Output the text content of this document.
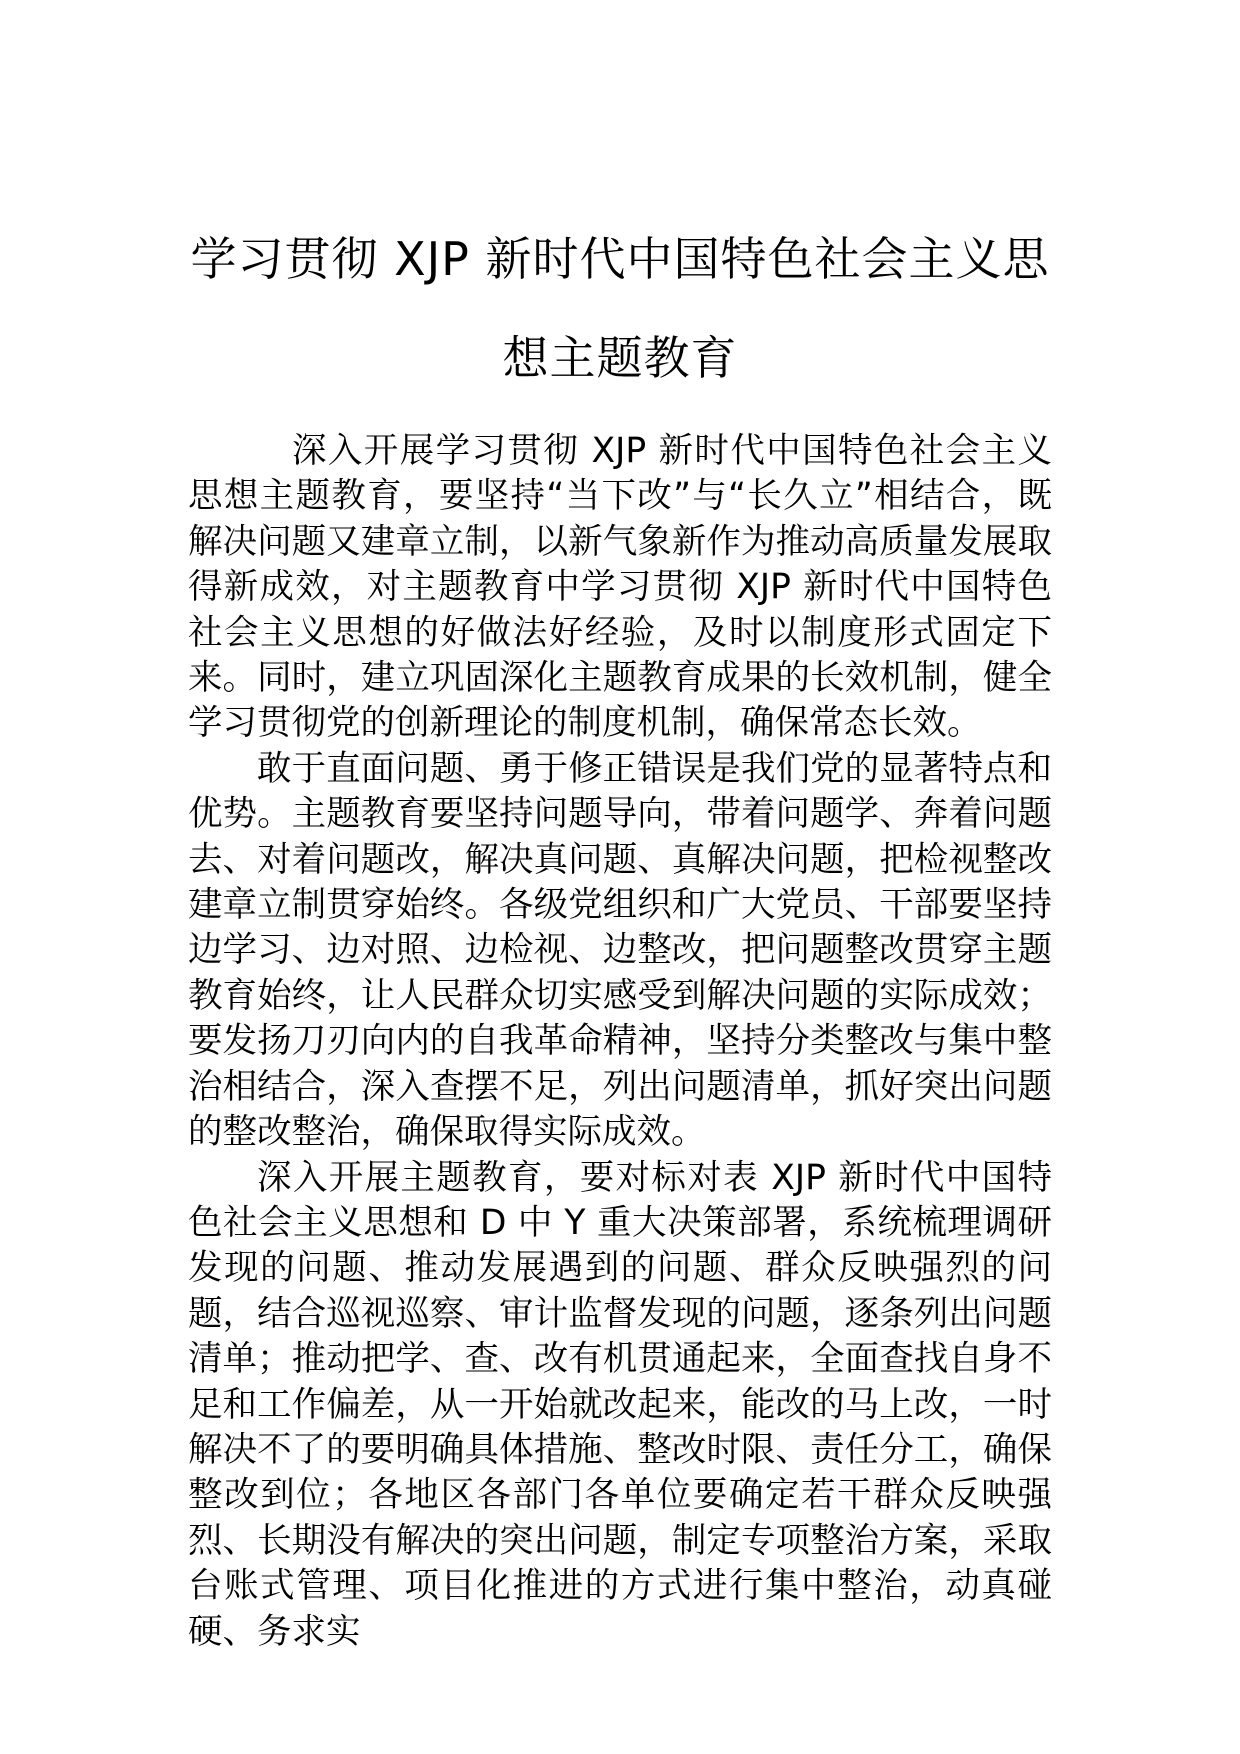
学习贯彻 XJP 新时代中国特色社会主义思想主题教育

深入开展学习贯彻 XJP 新时代中国特色社会主义思想主题教育，要坚持“当下改”与“长久立”相结合，既解决问题又建章立制，以新气象新作为推动高质量发展取得新成效，对主题教育中学习贯彻 XJP 新时代中国特色社会主义思想的好做法好经验，及时以制度形式固定下来。同时，建立巩固深化主题教育成果的长效机制，健全学习贯彻党的创新理论的制度机制，确保常态长效。

敢于直面问题、勇于修正错误是我们党的显著特点和优势。主题教育要坚持问题导向，带着问题学、奔着问题去、对着问题改，解决真问题、真解决问题，把检视整改建章立制贯穿始终。各级党组织和广大党员、干部要坚持边学习、边对照、边检视、边整改，把问题整改贯穿主题教育始终，让人民群众切实感受到解决问题的实际成效；要发扬刀刃向内的自我革命精神，坚持分类整改与集中整治相结合，深入查摆不足，列出问题清单，抓好突出问题的整改整治，确保取得实际成效。

深入开展主题教育，要对标对表 XJP 新时代中国特色社会主义思想和 D 中 Y 重大决策部署，系统梳理调研发现的问题、推动发展遇到的问题、群众反映强烈的问题，结合巡视巡察、审计监督发现的问题，逐条列出问题清单；推动把学、查、改有机贯通起来，全面查找自身不足和工作偏差，从一开始就改起来，能改的马上改，一时解决不了的要明确具体措施、整改时限、责任分工，确保整改到位；各地区各部门各单位要确定若干群众反映强烈、长期没有解决的突出问题，制定专项整治方案，采取台账式管理、项目化推进的方式进行集中整治，动真碰硬、务求实
